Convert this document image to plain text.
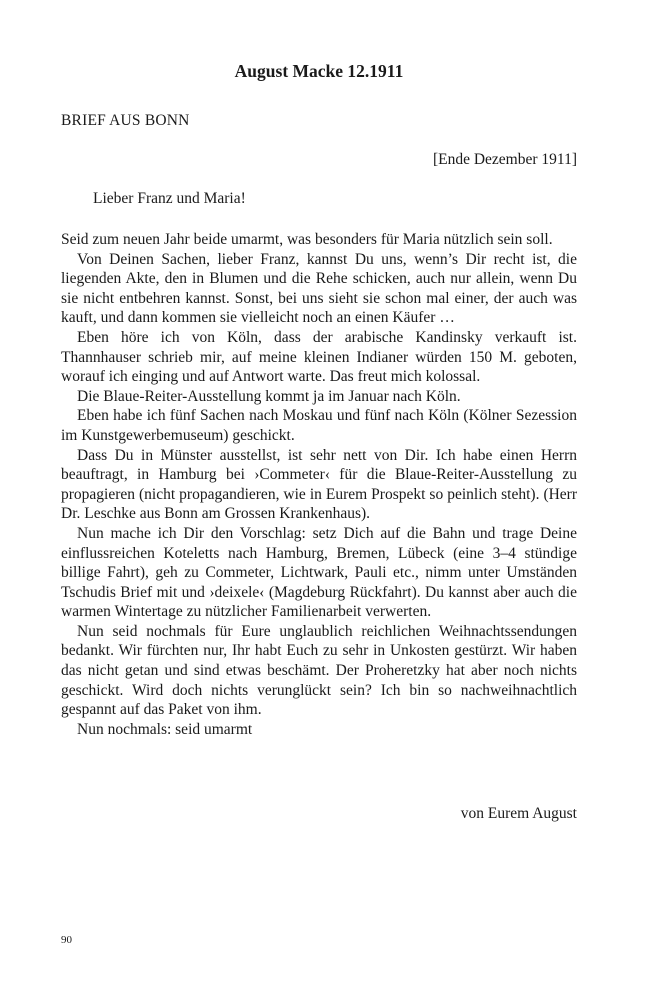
August Macke 12.1911
BRIEF AUS BONN
[Ende Dezember 1911]
Lieber Franz und Maria!

Seid zum neuen Jahr beide umarmt, was besonders für Maria nützlich sein soll.

Von Deinen Sachen, lieber Franz, kannst Du uns, wenn’s Dir recht ist, die liegenden Akte, den in Blumen und die Rehe schicken, auch nur allein, wenn Du sie nicht entbehren kannst. Sonst, bei uns sieht sie schon mal einer, der auch was kauft, und dann kommen sie vielleicht noch an einen Käufer …

Eben höre ich von Köln, dass der arabische Kandinsky verkauft ist. Thannhauser schrieb mir, auf meine kleinen Indianer würden 150 M. geboten, worauf ich einging und auf Antwort warte. Das freut mich kolossal.

Die Blaue-Reiter-Ausstellung kommt ja im Januar nach Köln.

Eben habe ich fünf Sachen nach Moskau und fünf nach Köln (Kölner Sezession im Kunstgewerbemuseum) geschickt.

Dass Du in Münster ausstellst, ist sehr nett von Dir. Ich habe einen Herrn beauftragt, in Hamburg bei ›Commeter‹ für die Blaue-Reiter-Ausstellung zu propagieren (nicht propagandieren, wie in Eurem Prospekt so peinlich steht). (Herr Dr. Leschke aus Bonn am Grossen Krankenhaus).

Nun mache ich Dir den Vorschlag: setz Dich auf die Bahn und trage Deine einflussreichen Koteletts nach Hamburg, Bremen, Lübeck (eine 3–4 stündige billige Fahrt), geh zu Commeter, Lichtwark, Pauli etc., nimm unter Umständen Tschudis Brief mit und ›deixele‹ (Magdeburg Rückfahrt). Du kannst aber auch die warmen Wintertage zu nützlicher Familienarbeit verwerten.

Nun seid nochmals für Eure unglaublich reichlichen Weihnachtssendungen bedankt. Wir fürchten nur, Ihr habt Euch zu sehr in Unkosten gestürzt. Wir haben das nicht getan und sind etwas beschämt. Der Proheretzky hat aber noch nichts geschickt. Wird doch nichts verunglückt sein? Ich bin so nachweihnachtlich gespannt auf das Paket von ihm.

Nun nochmals: seid umarmt

von Eurem August
90
